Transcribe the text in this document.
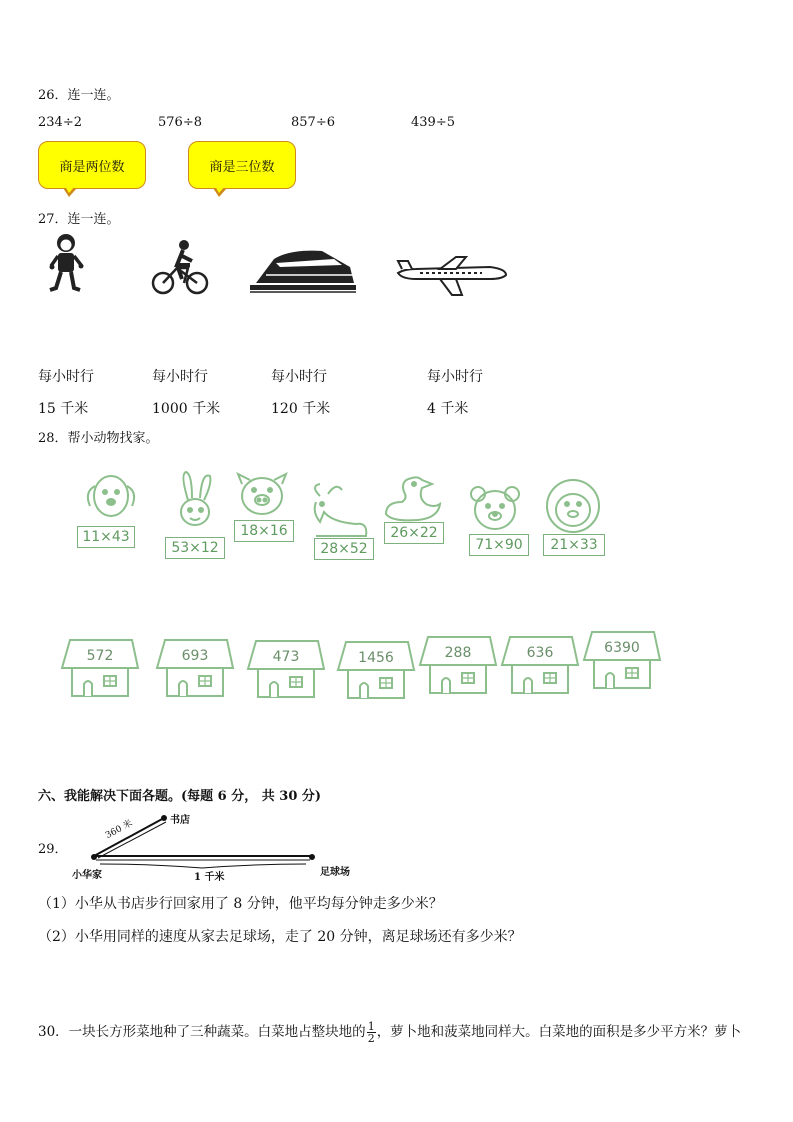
26．连一连。
234÷2	576÷8	857÷6	439÷5
商是两位数	商是三位数
27．连一连。
每小时行	每小时行	每小时行	每小时行
15 千米	1000 千米	120 千米	4 千米
28．帮小动物找家。
11×43
53×12
18×16
28×52
26×22
71×90	21×33
572	693	473	1456	288	636	6390
六、我能解决下面各题。(每题 6 分， 共 30 分)
29．
书店
360 米
小华家	1 千米	足球场
（1）小华从书店步行回家用了 8 分钟，他平均每分钟走多少米？
（2）小华用同样的速度从家去足球场，走了 20 分钟，离足球场还有多少米？
30．一块长方形菜地种了三种蔬菜。白菜地占整块地的 $\frac{1}{2}$ ，萝卜地和菠菜地同样大。白菜地的面积是多少平方米？萝卜
